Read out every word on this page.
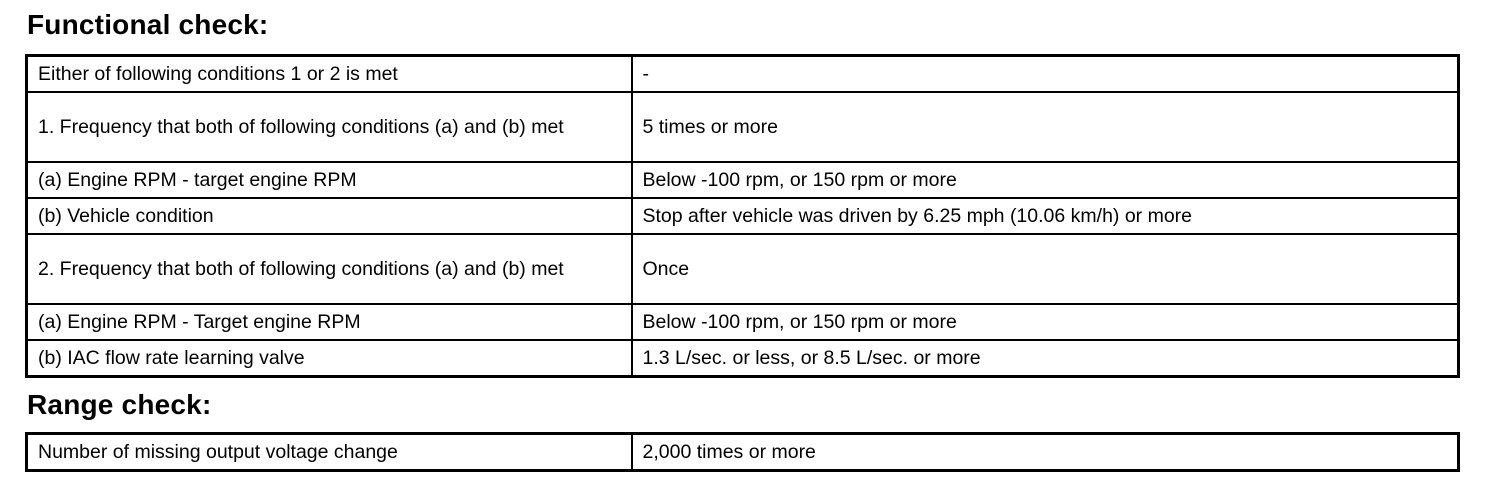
Functional check:
Either of following conditions 1 or 2 is met	-
1. Frequency that both of following conditions (a) and (b) met	5 times or more
(a) Engine RPM - target engine RPM	Below -100 rpm, or 150 rpm or more
(b) Vehicle condition	Stop after vehicle was driven by 6.25 mph (10.06 km/h) or more
2. Frequency that both of following conditions (a) and (b) met	Once
(a) Engine RPM - Target engine RPM	Below -100 rpm, or 150 rpm or more
(b) IAC flow rate learning valve	1.3 L/sec. or less, or 8.5 L/sec. or more
Range check:
Number of missing output voltage change	2,000 times or more
